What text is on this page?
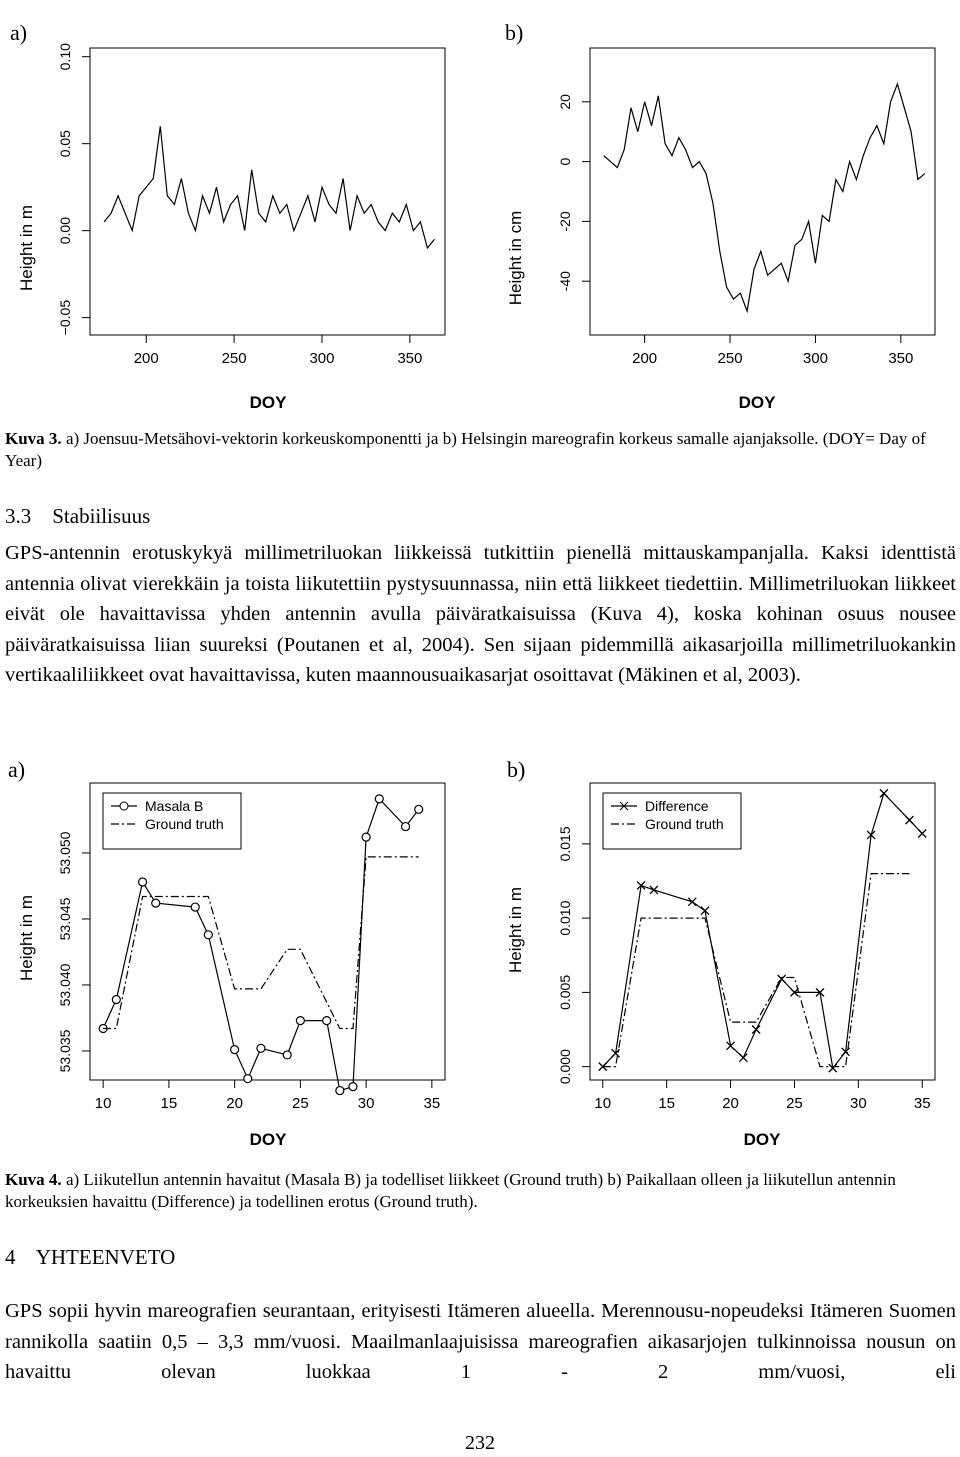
a)	b)
200	250	300	350
−0.05
0.00
0.05
0.10
DOY
Height in m
200	250	300	350
-40
-20
0
20
DOY
Height in cm
Kuva 3. a) Joensuu-Metsähovi-vektorin korkeuskomponentti ja b) Helsingin mareografin korkeus samalle ajanjaksolle. (DOY= Day of Year)
3.3    Stabiilisuus
GPS-antennin erotuskykyä millimetriluokan liikkeissä tutkittiin pienellä mittauskampanjalla. Kaksi identtistä antennia olivat vierekkäin ja toista liikutettiin pystysuunnassa, niin että liikkeet tiedettiin. Millimetriluokan liikkeet eivät ole havaittavissa yhden antennin avulla päiväratkaisuissa (Kuva 4), koska kohinan osuus nousee päiväratkaisuissa liian suureksi (Poutanen et al, 2004). Sen sijaan pidemmillä aikasarjoilla millimetriluokankin vertikaaliliikkeet ovat havaittavissa, kuten maannousuaikasarjat osoittavat (Mäkinen et al, 2003).
a)	b)
10	15	20	25	30	35
53.035
53.040
53.045
53.050
DOY
Height in m
Masala B
Ground truth
10	15	20	25	30	35
0.000
0.005
0.010
0.015
DOY
Height in m
Difference
Ground truth
Kuva 4. a) Liikutellun antennin havaitut (Masala B) ja todelliset liikkeet (Ground truth) b) Paikallaan olleen ja liikutellun antennin korkeuksien havaittu (Difference) ja todellinen erotus (Ground truth).
4    YHTEENVETO
GPS sopii hyvin mareografien seurantaan, erityisesti Itämeren alueella. Merennousu-nopeudeksi Itämeren Suomen rannikolla saatiin 0,5 – 3,3 mm/vuosi. Maailmanlaajuisissa mareografien aikasarjojen tulkinnoissa nousun on havaittu olevan luokkaa 1 - 2 mm/vuosi, eli
232
